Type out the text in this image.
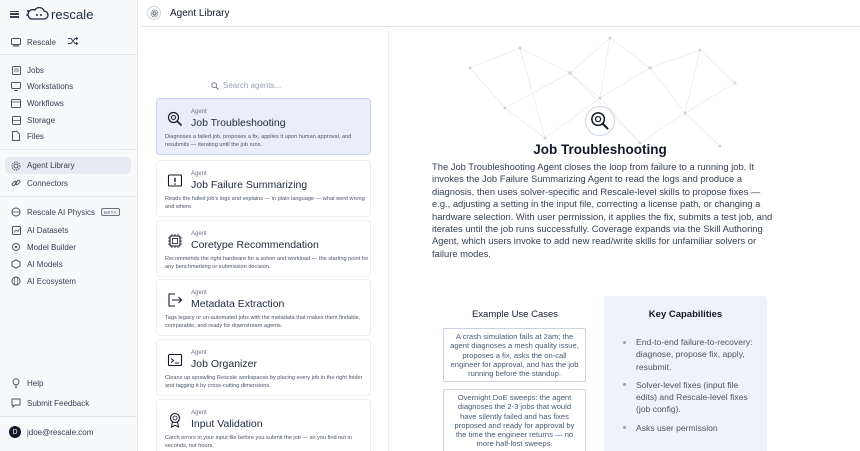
rescale
Rescale
Jobs
Workstations
Workflows
Storage
Files
Agent Library
Connectors
Rescale AI Physics	BETA
AI Datasets
Model Builder
AI Models
AI Ecosystem
Help
Submit Feedback
D	jdoe@rescale.com
Agent Library
Search agents...
Agent
Job Troubleshooting
Diagnoses a failed job, proposes a fix, applies it upon human approval, and resubmits — iterating until the job runs.
Agent
Job Failure Summarizing
Reads the failed job's logs and explains — in plain language — what went wrong and where.
Agent
Coretype Recommendation
Recommends the right hardware for a solver and workload — the starting point for any benchmarking or submission decision.
Agent
Metadata Extraction
Tags legacy or un-automated jobs with the metadata that makes them findable, comparable, and ready for downstream agents.
Agent
Job Organizer
Cleans up sprawling Rescale workspaces by placing every job in the right folder and tagging it by cross-cutting dimensions.
Agent
Input Validation
Catch errors in your input file before you submit the job — so you find out in seconds, not hours.
Job Troubleshooting
The Job Troubleshooting Agent closes the loop from failure to a running job. It invokes the Job Failure Summarizing Agent to read the logs and produce a diagnosis, then uses solver-specific and Rescale-level skills to propose fixes — e.g., adjusting a setting in the input file, correcting a license path, or changing a hardware selection. With user permission, it applies the fix, submits a test job, and iterates until the job runs successfully. Coverage expands via the Skill Authoring Agent, which users invoke to add new read/write skills for unfamiliar solvers or failure modes.
Example Use Cases
A crash simulation fails at 2am; the agent diagnoses a mesh quality issue, proposes a fix, asks the on-call engineer for approval, and has the job running before the standup.
Overnight DoE sweeps: the agent diagnoses the 2-3 jobs that would have silently failed and has fixes proposed and ready for approval by the time the engineer returns — no more half-lost sweeps.
Key Capabilities
End-to-end failure-to-recovery: diagnose, propose fix, apply, resubmit.
Solver-level fixes (input file edits) and Rescale-level fixes (job config).
Asks user permission
